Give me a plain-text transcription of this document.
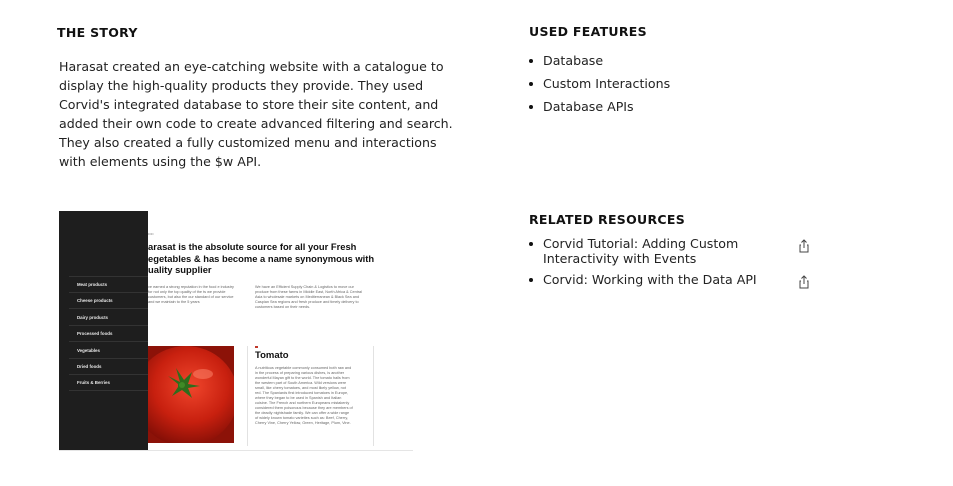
THE STORY

Harasat created an eye-catching website with a catalogue to display the high-quality products they provide. They used Corvid's integrated database to store their site content, and added their own code to create advanced filtering and search. They also created a fully customized menu and interactions with elements using the $w API.

USED FEATURES
Database
Custom Interactions
Database APIs
RELATED RESOURCES
Corvid Tutorial: Adding Custom Interactivity with Events
Corvid: Working with the Data API
••••
arasat is the absolute source for all your Fresh
egetables & has become a name synonymous with
uality supplier
ve earned a strong reputation in the food e industry for not only the top quality of the ts we provide customers, but also the our standard of our service and we maintain to the 5 years
We have an Efficient Supply Chain & Logistics to move our produce from these farms in Middle East, North Africa & Central Asia to wholesale markets on Mediterranean & Black Sea and Caspian Sea regions and fresh produce and timely delivery to customers based on their needs.
Meat products
Cheese products
Dairy products
Processed foods
Vegetables
Dried foods
Fruits & Berries
Tomato
A nutritious vegetable commonly consumed both raw and in the process of preparing various dishes, is another wonderful Mayan gift to the world. The tomato hails from the western part of South America. Wild versions were small, like cherry tomatoes, and most likely yellow, not red. The Spaniards first introduced tomatoes in Europe, where they began to be used in Spanish and Italian cuisine. The French and northern Europeans mistakenly considered them poisonous because they are members of the deadly nightshade family. We can offer a wide range of widely known tomato varieties such as: Beef, Cherry, Cherry Vine, Cherry Yellow, Green, Heritage, Plum, Vine.
